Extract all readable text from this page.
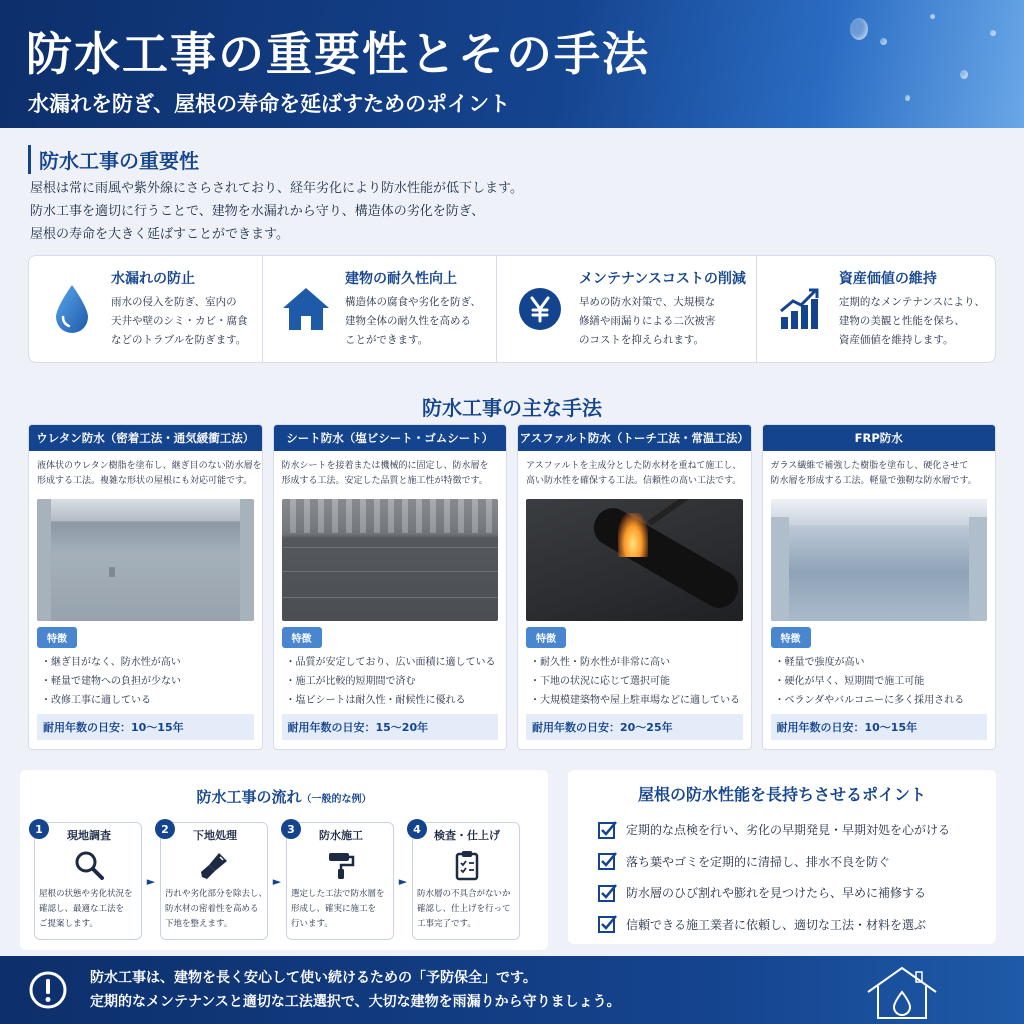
防水工事の重要性とその手法
水漏れを防ぎ、屋根の寿命を延ばすためのポイント
防水工事の重要性

屋根は常に雨風や紫外線にさらされており、経年劣化により防水性能が低下します。

防水工事を適切に行うことで、建物を水漏れから守り、構造体の劣化を防ぎ、

屋根の寿命を大きく延ばすことができます。

水漏れの防止
雨水の侵入を防ぎ、室内の
天井や壁のシミ・カビ・腐食
などのトラブルを防ぎます。
建物の耐久性向上
構造体の腐食や劣化を防ぎ、
建物全体の耐久性を高める
ことができます。
メンテナンスコストの削減
早めの防水対策で、大規模な
修繕や雨漏りによる二次被害
のコストを抑えられます。
資産価値の維持
定期的なメンテナンスにより、
建物の美観と性能を保ち、
資産価値を維持します。
防水工事の主な手法
ウレタン防水（密着工法・通気緩衝工法）
液体状のウレタン樹脂を塗布し、継ぎ目のない防水層を
形成する工法。複雑な形状の屋根にも対応可能です。
特徴
・継ぎ目がなく、防水性が高い
・軽量で建物への負担が少ない
・改修工事に適している
耐用年数の日安：10〜15年
シート防水（塩ビシート・ゴムシート）
防水シートを接着または機械的に固定し、防水層を
形成する工法。安定した品質と施工性が特徴です。
特徴
・品質が安定しており、広い面積に適している
・施工が比較的短期間で済む
・塩ビシートは耐久性・耐候性に優れる
耐用年数の日安：15〜20年
アスファルト防水（トーチ工法・常温工法）
アスファルトを主成分とした防水材を重ねて施工し、
高い防水性を確保する工法。信頼性の高い工法です。
特徴
・耐久性・防水性が非常に高い
・下地の状況に応じて選択可能
・大規模建築物や屋上駐車場などに適している
耐用年数の日安：20〜25年
FRP防水
ガラス繊維で補強した樹脂を塗布し、硬化させて
防水層を形成する工法。軽量で強靭な防水層です。
特徴
・軽量で強度が高い
・硬化が早く、短期間で施工可能
・ベランダやバルコニーに多く採用される
耐用年数の日安：10〜15年
防水工事の流れ（一般的な例）
1	現地調査
屋根の状態や劣化状況を
確認し、最適な工法を
ご提案します。
►
2	下地処理
汚れや劣化部分を除去し、
防水材の密着性を高める
下地を整えます。
►
3	防水施工
選定した工法で防水層を
形成し、確実に施工を
行います。
►
4	検査・仕上げ
防水層の不具合がないか
確認し、仕上げを行って
工事完了です。
屋根の防水性能を長持ちさせるポイント
定期的な点検を行い、劣化の早期発見・早期対処を心がける
落ち葉やゴミを定期的に清掃し、排水不良を防ぐ
防水層のひび割れや膨れを見つけたら、早めに補修する
信頼できる施工業者に依頼し、適切な工法・材料を選ぶ
防水工事は、建物を長く安心して使い続けるための「予防保全」です。
定期的なメンテナンスと適切な工法選択で、大切な建物を雨漏りから守りましょう。
